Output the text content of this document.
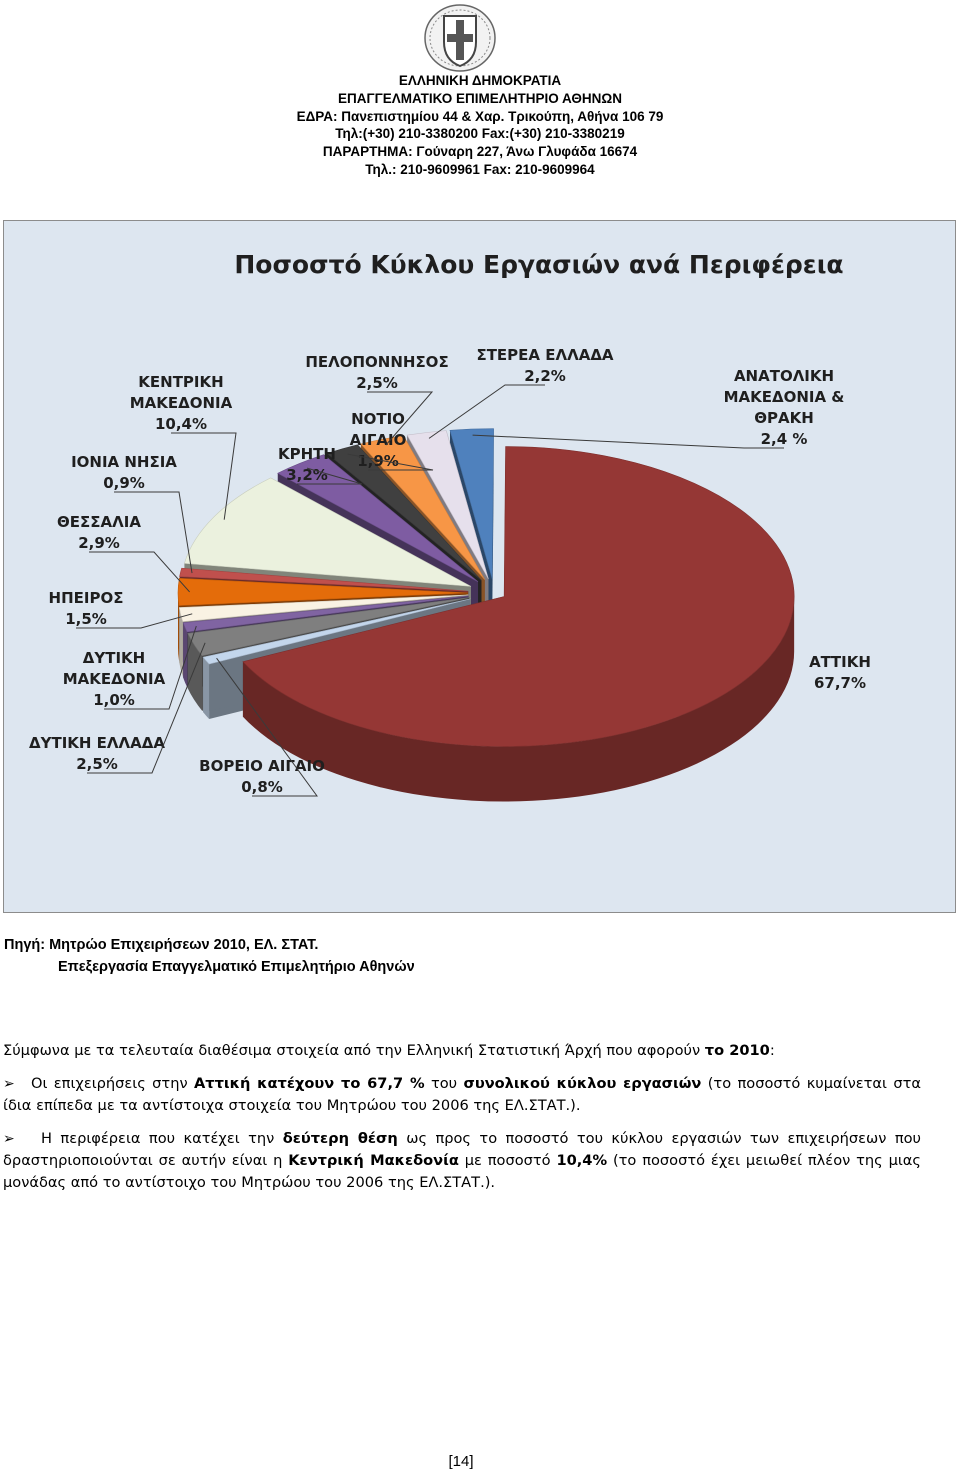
ΕΛΛΗΝΙΚΗ ΔΗΜΟΚΡΑΤΙΑ
ΕΠΑΓΓΕΛΜΑΤΙΚΟ ΕΠΙΜΕΛΗΤΗΡΙΟ ΑΘΗΝΩΝ
ΕΔΡΑ: Πανεπιστημίου 44 & Χαρ. Τρικούπη, Αθήνα 106 79
Τηλ:(+30) 210-3380200 Fax:(+30) 210-3380219
ΠΑΡΑΡΤΗΜΑ: Γούναρη 227, Άνω Γλυφάδα 16674
Τηλ.: 210-9609961 Fax: 210-9609964
Ποσοστό Κύκλου Εργασιών ανά Περιφέρεια
ΑΤΤΙΚΗ
67,7%
ΒΟΡΕΙΟ ΑΙΓΑΙΟ
0,8%
ΔΥΤΙΚΗ ΕΛΛΑΔΑ
2,5%
ΔΥΤΙΚΗ
ΜΑΚΕΔΟΝΙΑ
1,0%
ΗΠΕΙΡΟΣ
1,5%
ΘΕΣΣΑΛΙΑ
2,9%
ΙΟΝΙΑ ΝΗΣΙΑ
0,9%
ΚΕΝΤΡΙΚΗ
ΜΑΚΕΔΟΝΙΑ
10,4%
ΚΡΗΤΗ
3,2%
ΝΟΤΙΟ
ΑΙΓΑΙΟ
1,9%
ΠΕΛΟΠΟΝΝΗΣΟΣ
2,5%
ΣΤΕΡΕΑ ΕΛΛΑΔΑ
2,2%	ΑΝΑΤΟΛΙΚΗ
ΜΑΚΕΔΟΝΙΑ &
ΘΡΑΚΗ
2,4 %
Πηγή: Μητρώο Επιχειρήσεων 2010, ΕΛ. ΣΤΑΤ.
Επεξεργασία Επαγγελματικό Επιμελητήριο Αθηνών

Σύμφωνα με τα τελευταία διαθέσιμα στοιχεία από την Ελληνική Στατιστική Άρχή που αφορούν το 2010:

➢ Οι επιχειρήσεις στην Αττική κατέχουν το 67,7 % του συνολικού κύκλου εργασιών (το ποσοστό κυμαίνεται στα ίδια επίπεδα με τα αντίστοιχα στοιχεία του Μητρώου του 2006 της ΕΛ.ΣΤΑΤ.).

➢ Η περιφέρεια που κατέχει την δεύτερη θέση ως προς το ποσοστό του κύκλου εργασιών των επιχειρήσεων που δραστηριοποιούνται σε αυτήν είναι η Κεντρική Μακεδονία με ποσοστό 10,4% (το ποσοστό έχει μειωθεί πλέον της μιας μονάδας από το αντίστοιχο του Μητρώου του 2006 της ΕΛ.ΣΤΑΤ.).

[14]
